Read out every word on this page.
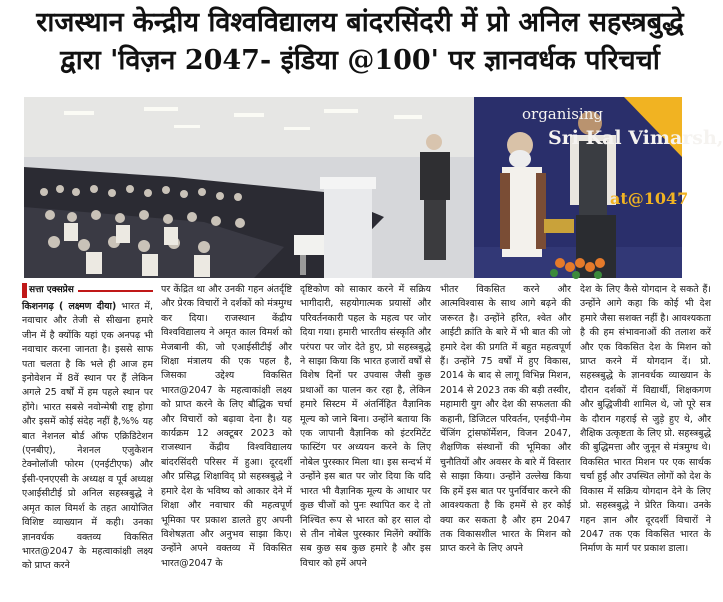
राजस्थान केन्द्रीय विश्वविद्यालय बांदरसिंदरी में प्रो अनिल सहस्त्रबुद्धे
द्वारा 'विज़न 2047- इंडिया @100' पर ज्ञानवर्धक परिचर्चा
organising
Sri Kal Vimarsh,
at@1047
सत्ता एक्सप्रेस

किशनगढ़ ( लक्ष्मण दीया) भारत में, नवाचार और तेजी से सीखना हमारे जीन में है क्योंकि यहां एक अनपढ़ भी नवाचार करना जानता है। इससे साफ पता चलता है कि भले ही आज हम इनोवेशन में 8वें स्थान पर हैं लेकिन अगले 25 वर्षों में हम पहले स्थान पर होंगे। भारत सबसे नवोन्मेषी राष्ट्र होगा और इसमें कोई संदेह नहीं है,%% यह बात नेशनल बोर्ड ऑफ एक्रिडिटेशन (एनबीए), नेशनल एजुकेशन टेक्नोलॉजी फोरम (एनईटीएफ) और ईसी-एनएएसी के अध्यक्ष व पूर्व अध्यक्ष एआईसीटीई प्रो अनिल सहस्त्रबुद्धे ने अमृत काल विमर्श के तहत आयोजित विशिष्ट व्याख्यान में कही। उनका ज्ञानवर्धक वक्तव्य विकसित भारत@2047 के महत्वाकांक्षी लक्ष्य को प्राप्त करने

पर केंद्रित था और उनकी गहन अंतर्दृष्टि और प्रेरक विचारों ने दर्शकों को मंत्रमुग्ध कर दिया। राजस्थान केंद्रीय विश्वविद्यालय ने अमृत काल विमर्श को मेजबानी की, जो एआईसीटीई और शिक्षा मंत्रालय की एक पहल है, जिसका उद्देश्य विकसित भारत@2047 के महत्वाकांक्षी लक्ष्य को प्राप्त करने के लिए बौद्धिक चर्चा और विचारों को बढ़ावा देना है। यह कार्यक्रम 12 अक्टूबर 2023 को राजस्थान केंद्रीय विश्वविद्यालय बांदरसिंदरी परिसर में हुआ। दूरदर्शी और प्रसिद्ध शिक्षाविद् प्रो सहस्त्रबुद्धे ने हमारे देश के भविष्य को आकार देने में शिक्षा और नवाचार की महत्वपूर्ण भूमिका पर प्रकाश डालते हुए अपनी विशेषज्ञता और अनुभव साझा किए। उन्होंने अपने वक्तव्य में विकसित भारत@2047 के

दृष्टिकोण को साकार करने में सक्रिय भागीदारी, सहयोगात्मक प्रयासों और परिवर्तनकारी पहल के महत्व पर जोर दिया गया। हमारी भारतीय संस्कृति और परंपरा पर जोर देते हुए, प्रो सहस्त्रबुद्धे ने साझा किया कि भारत हजारों वर्षों से विशेष दिनों पर उपवास जैसी कुछ प्रथाओं का पालन कर रहा है, लेकिन हमारे सिस्टम में अंतर्निहित वैज्ञानिक मूल्य को जाने बिना। उन्होंने बताया कि एक जापानी वैज्ञानिक को इंटरमिटेंट फास्टिंग पर अध्ययन करने के लिए नोबेल पुरस्कार मिला था। इस सन्दर्भ में उन्होंने इस बात पर जोर दिया कि यदि भारत भी वैज्ञानिक मूल्य के आधार पर कुछ चीजों को पुनः स्थापित कर दे तो निश्चित रूप से भारत को हर साल दो से तीन नोबेल पुरस्कार मिलेंगे क्योंकि सब कुछ सब कुछ हमारे है और इस विचार को हमें अपने

भीतर विकसित करने और आत्मविश्वास के साथ आगे बढ़ने की जरूरत है। उन्होंने हरित, श्वेत और आईटी क्रांति के बारे में भी बात की जो हमारे देश की प्रगति में बहुत महत्वपूर्ण हैं। उन्होंने 75 वर्षों में हुए विकास, 2014 के बाद से लागू विभिन्न मिशन, 2014 से 2023 तक की बड़ी तस्वीर, महामारी युग और देश की सफलता की कहानी, डिजिटल परिवर्तन, एनईपी-गेम चेंजिंग ट्रांसफॉर्मेशन, विजन 2047, शैक्षणिक संस्थानों की भूमिका और चुनौतियों और अवसर के बारे में विस्तार से साझा किया। उन्होंने उल्लेख किया कि हमें इस बात पर पुनर्विचार करने की आवश्यकता है कि हममें से हर कोई क्या कर सकता है और हम 2047 तक विकासशील भारत के मिशन को प्राप्त करने के लिए अपने

देश के लिए कैसे योगदान दे सकते हैं। उन्होंने आगे कहा कि कोई भी देश हमारे जैसा सशक्त नहीं है। आवश्यकता है की हम संभावनाओं की तलाश करें और एक विकसित देश के मिशन को प्राप्त करने में योगदान दें। प्रो. सहस्त्रबुद्धे के ज्ञानवर्धक व्याख्यान के दौरान दर्शकों में विद्यार्थी, शिक्षकगण और बुद्धिजीवी शामिल थे, जो पूरे सत्र के दौरान गहराई से जुड़े हुए थे, और शैक्षिक उत्कृष्टता के लिए प्रो. सहस्त्रबुद्धे की बुद्धिमत्ता और जुनून से मंत्रमुग्ध थे। विकसित भारत मिशन पर एक सार्थक चर्चा हुई और उपस्थित लोगों को देश के विकास में सक्रिय योगदान देने के लिए प्रो. सहस्त्रबुद्धे ने प्रेरित किया। उनके गहन ज्ञान और दूरदर्शी विचारों ने 2047 तक एक विकसित भारत के निर्माण के मार्ग पर प्रकाश डाला।
